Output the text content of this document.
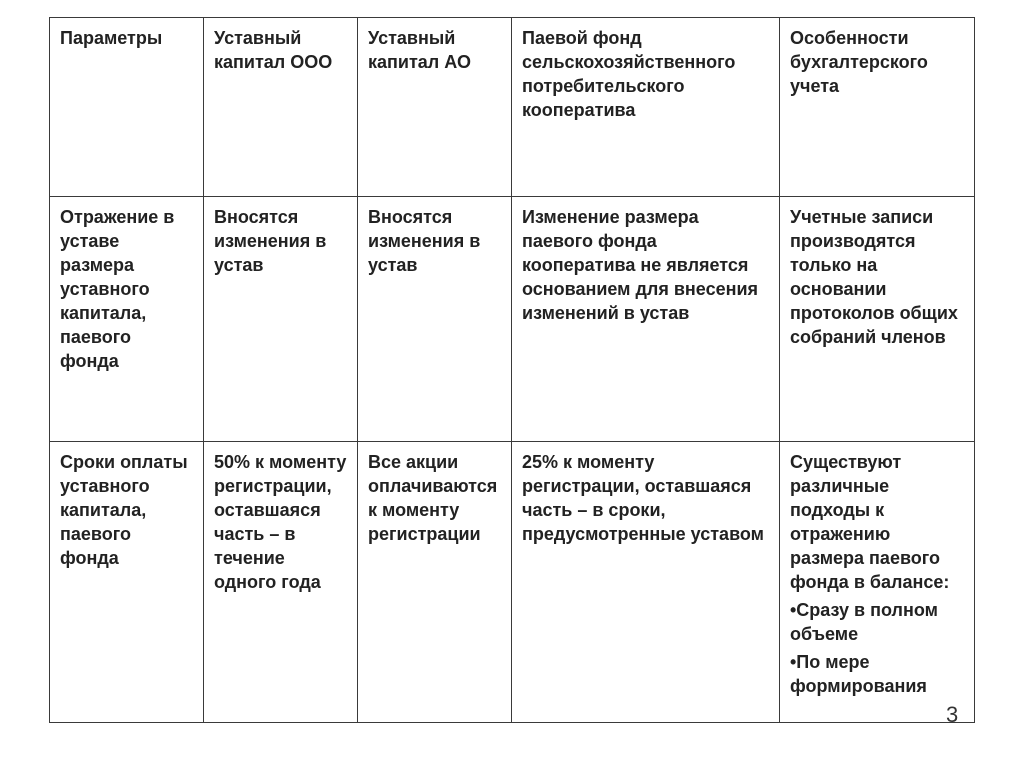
Параметры	Уставный капитал ООО	Уставный капитал АО	Паевой фонд сельскохозяйственного потребительского кооператива	Особенности бухгалтерского учета
Отражение в уставе размера уставного капитала, паевого фонда	Вносятся изменения в устав	Вносятся изменения в устав	Изменение размера паевого фонда кооператива не является основанием для внесения изменений в устав	Учетные записи производятся только на основании протоколов общих собраний членов
Сроки оплаты уставного капитала, паевого фонда	50% к моменту регистрации, оставшаяся часть – в течение одного года	Все акции оплачиваются к моменту регистрации	25% к моменту регистрации, оставшаяся часть – в сроки, предусмотренные уставом	Существуют различные подходы к отражению размера паевого фонда в балансе:
•Сразу в полном объеме
•По мере формирования
3
